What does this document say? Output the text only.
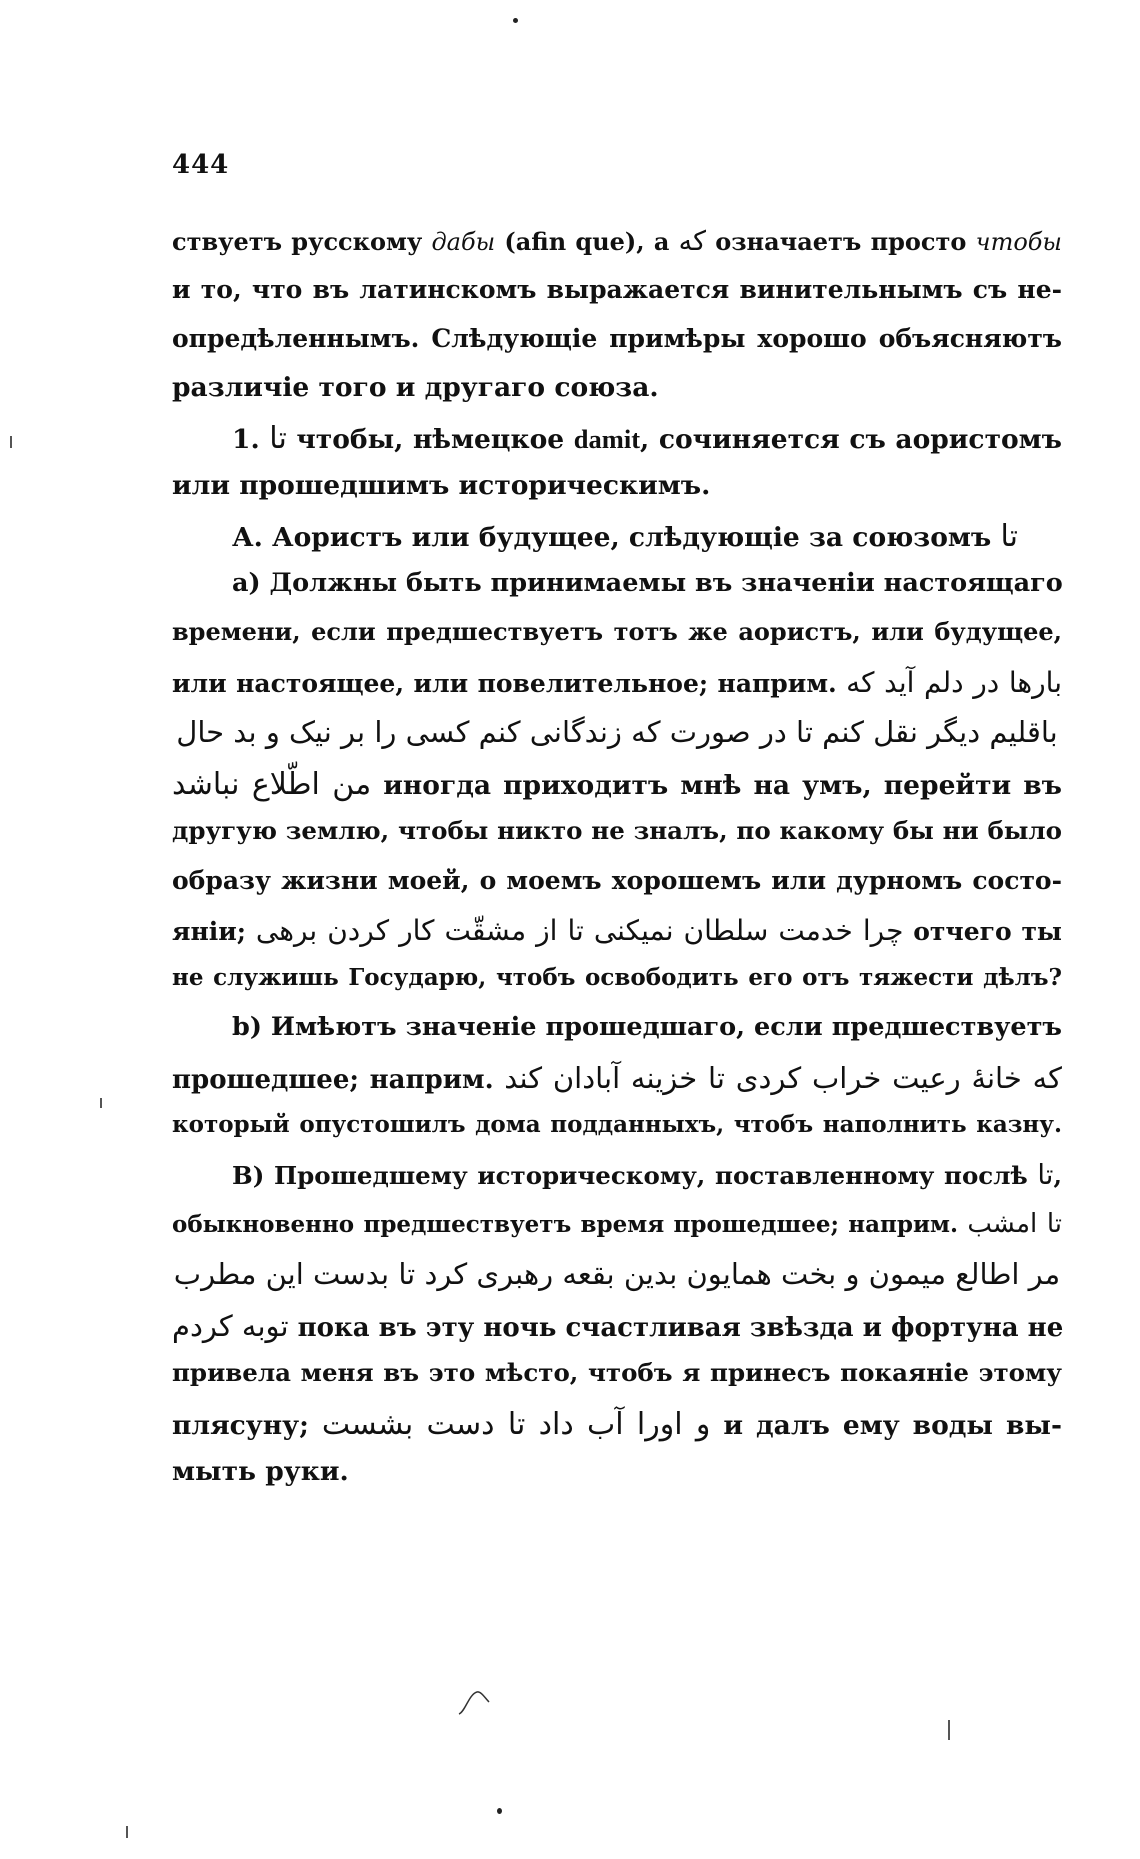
444
ствуетъ русскому дабы (afin que), а که означаетъ просто чтобы
и то, что въ латинскомъ выражается винительнымъ съ не-
опредѣленнымъ. Слѣдующіе примѣры хорошо объясняютъ
различіе того и другаго союза.
1. تا чтобы, нѣмецкое damit, сочиняется съ аористомъ
или прошедшимъ историческимъ.
А. Аористъ или будущее, слѣдующіе за союзомъ تا
а) Должны быть принимаемы въ значеніи настоящаго
времени, если предшествуетъ тотъ же аористъ, или будущее,
или настоящее, или повелительное; наприм. بارها در دلم آید که
باقلیم دیگر نقل کنم تا در صورت که زندگانی کنم کسی را بر نیک و بد حال
من اطّلاع نباشد иногда приходитъ мнѣ на умъ, перейти въ
другую землю, чтобы никто не зналъ, по какому бы ни было
образу жизни моей, о моемъ хорошемъ или дурномъ состо-
яніи; چرا خدمت سلطان نمیکنی تا از مشقّت کار کردن برهی отчего ты
не служишь Государю, чтобъ освободить его отъ тяжести дѣлъ?
b) Имѣютъ значеніе прошедшаго, если предшествуетъ
прошедшее; наприм. که خانهٔ رعیت خراب کردی تا خزینه آبادان کند
который опустошилъ дома подданныхъ, чтобъ наполнить казну.
В) Прошедшему историческому, поставленному послѣ تا,
обыкновенно предшествуетъ время прошедшее; наприм. تا امشب
مر اطالع میمون و بخت همایون بدین بقعه رهبری کرد تا بدست این مطرب
توبه کردم пока въ эту ночь счастливая звѣзда и фортуна не
привела меня въ это мѣсто, чтобъ я принесъ покаяніе этому
плясуну; و اورا آب داد تا دست بشست и далъ ему воды вы-
мыть руки.
